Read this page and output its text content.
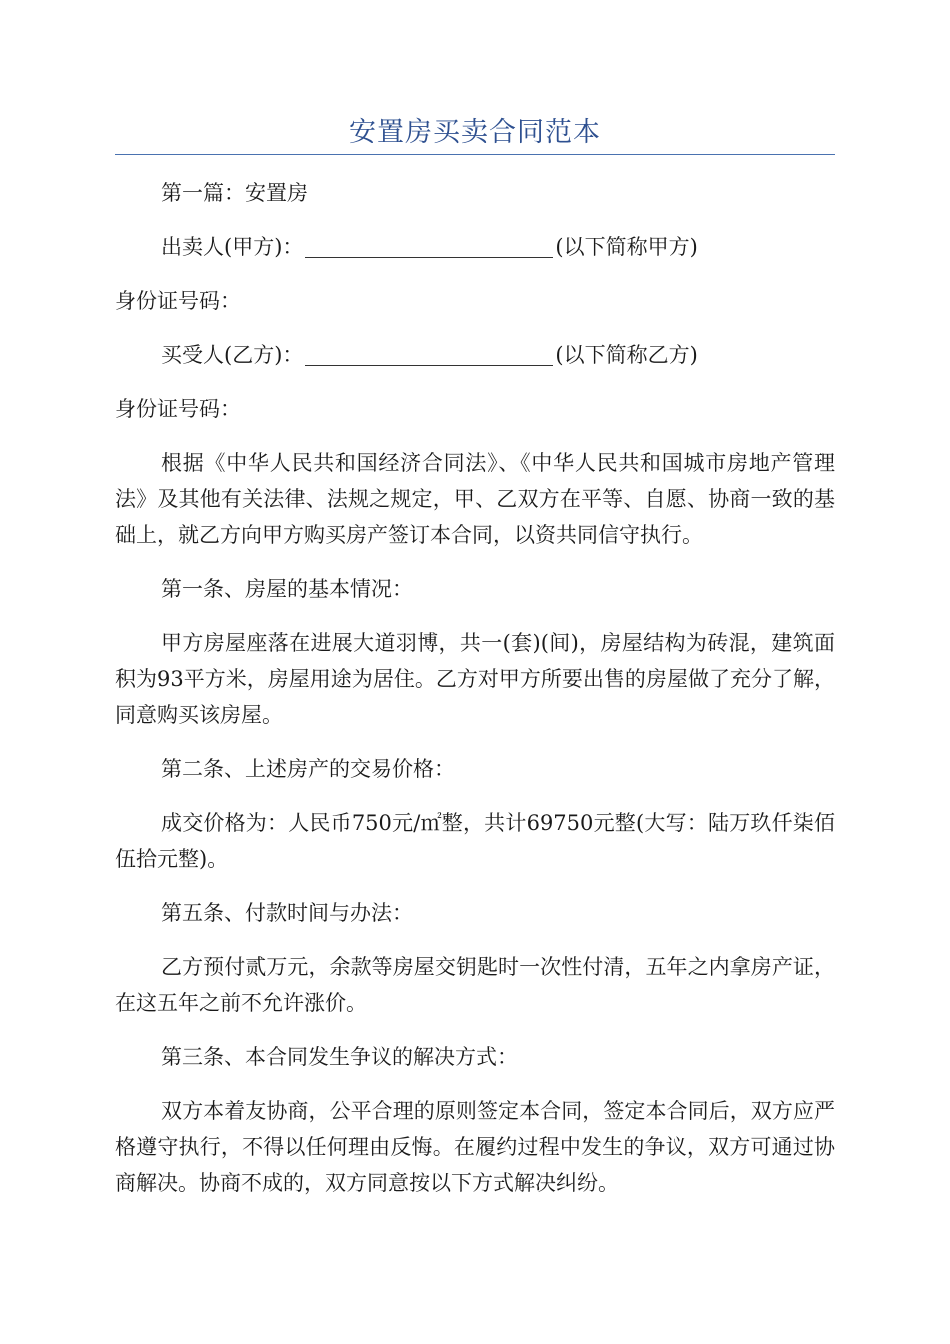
安置房买卖合同范本

第一篇：安置房

出卖人(甲方)：	(以下简称甲方)

身份证号码：

买受人(乙方)：	(以下简称乙方)

身份证号码：

根据《中华人民共和国经济合同法》、《中华人民共和国城市房地产管理法》及其他有关法律、法规之规定，甲、乙双方在平等、自愿、协商一致的基础上，就乙方向甲方购买房产签订本合同，以资共同信守执行。

第一条、房屋的基本情况：

甲方房屋座落在进展大道羽博，共一(套)(间)，房屋结构为砖混，建筑面积为93平方米，房屋用途为居住。乙方对甲方所要出售的房屋做了充分了解，同意购买该房屋。

第二条、上述房产的交易价格：

成交价格为：人民币750元/㎡整，共计69750元整(大写：陆万玖仟柒佰伍拾元整)。

第五条、付款时间与办法：

乙方预付贰万元，余款等房屋交钥匙时一次性付清，五年之内拿房产证，在这五年之前不允许涨价。

第三条、本合同发生争议的解决方式：

双方本着友协商，公平合理的原则签定本合同，签定本合同后，双方应严格遵守执行，不得以任何理由反悔。在履约过程中发生的争议，双方可通过协商解决。协商不成的，双方同意按以下方式解决纠纷。
